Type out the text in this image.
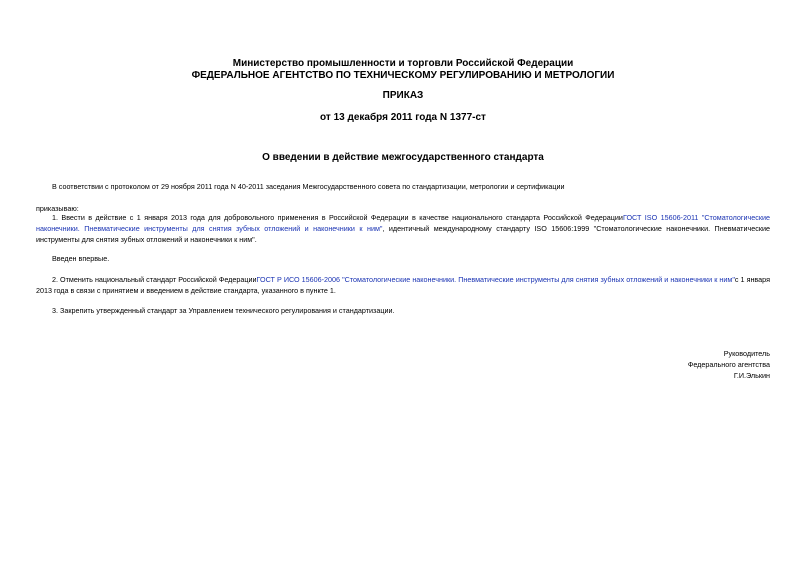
Министерство промышленности и торговли Российской Федерации
ФЕДЕРАЛЬНОЕ АГЕНТСТВО ПО ТЕХНИЧЕСКОМУ РЕГУЛИРОВАНИЮ И МЕТРОЛОГИИ
ПРИКАЗ
от 13 декабря 2011 года N 1377-ст
О введении в действие межгосударственного стандарта
В соответствии с протоколом от 29 ноября 2011 года N 40-2011 заседания Межгосударственного совета по стандартизации, метрологии и сертификации
приказываю:
1. Ввести в действие с 1 января 2013 года для добровольного применения в Российской Федерации в качестве национального стандарта Российской ФедерацииГОСТ ISO 15606-2011 "Стоматологические наконечники. Пневматические инструменты для снятия зубных отложений и наконечники к ним", идентичный международному стандарту ISO 15606:1999 "Стоматологические наконечники. Пневматические инструменты для снятия зубных отложений и наконечники к ним".
Введен впервые.
2. Отменить национальный стандарт Российской ФедерацииГОСТ Р ИСО 15606-2006 "Стоматологические наконечники. Пневматические инструменты для снятия зубных отложений и наконечники к ним"с 1 января 2013 года в связи с принятием и введением в действие стандарта, указанного в пункте 1.
3. Закрепить утвержденный стандарт за Управлением технического регулирования и стандартизации.
Руководитель
Федерального агентства
Г.И.Элькин
